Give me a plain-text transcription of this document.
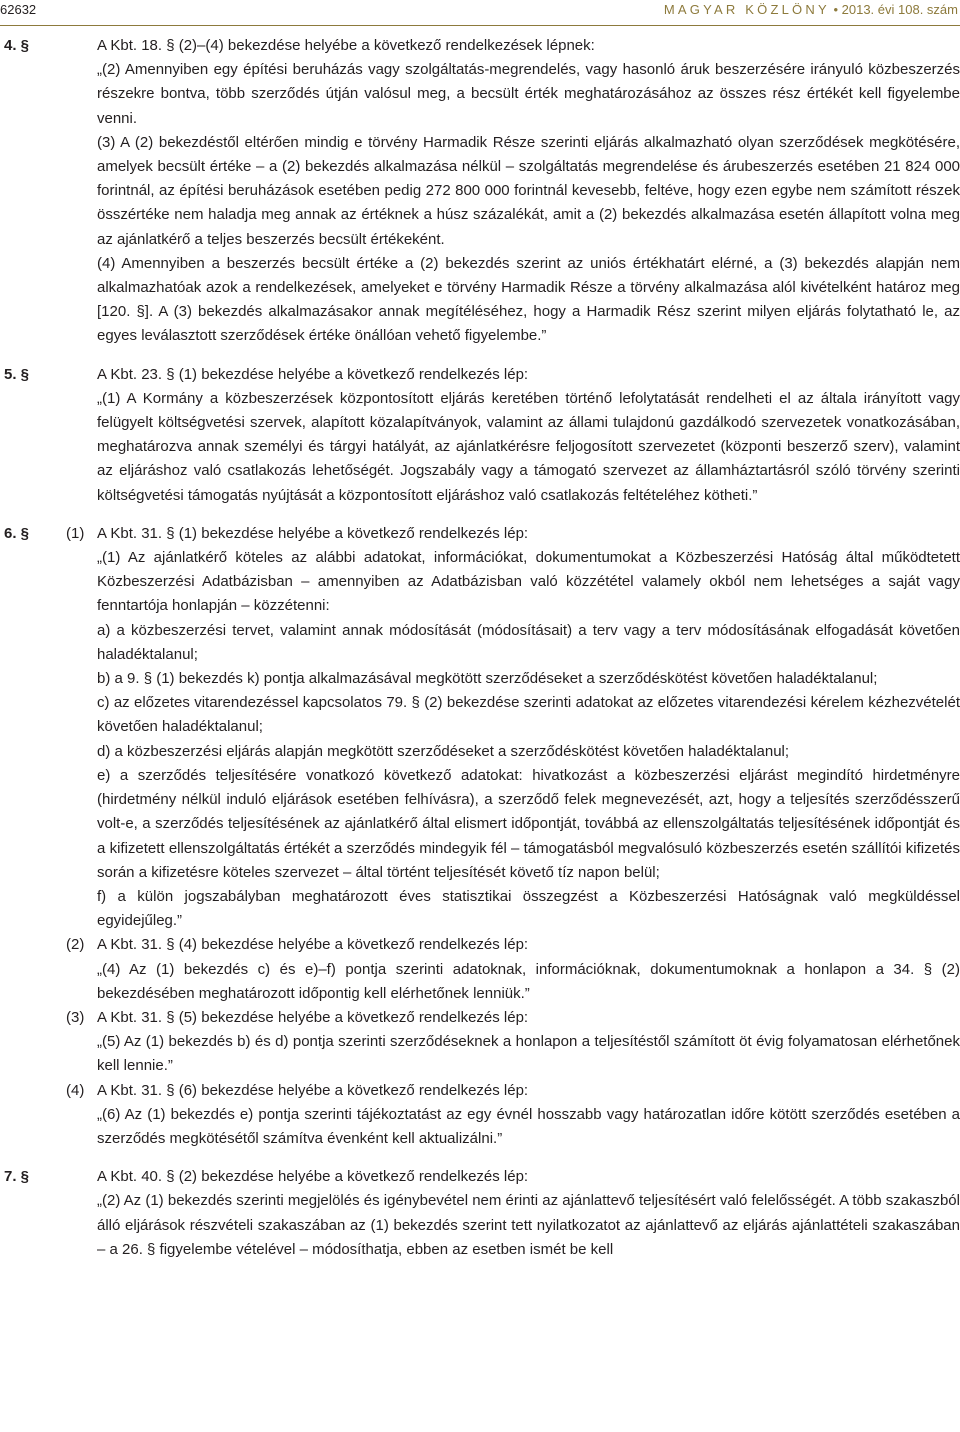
62632	MAGYAR KÖZLÖNY • 2013. évi 108. szám
4. §	A Kbt. 18. § (2)–(4) bekezdése helyébe a következő rendelkezések lépnek:

„(2) Amennyiben egy építési beruházás vagy szolgáltatás-megrendelés, vagy hasonló áruk beszerzésére irányuló közbeszerzés részekre bontva, több szerződés útján valósul meg, a becsült érték meghatározásához az összes rész értékét kell figyelembe venni.

(3) A (2) bekezdéstől eltérően mindig e törvény Harmadik Része szerinti eljárás alkalmazható olyan szerződések megkötésére, amelyek becsült értéke – a (2) bekezdés alkalmazása nélkül – szolgáltatás megrendelése és árubeszerzés esetében 21 824 000 forintnál, az építési beruházások esetében pedig 272 800 000 forintnál kevesebb, feltéve, hogy ezen egybe nem számított részek összértéke nem haladja meg annak az értéknek a húsz százalékát, amit a (2) bekezdés alkalmazása esetén állapított volna meg az ajánlatkérő a teljes beszerzés becsült értékeként.

(4) Amennyiben a beszerzés becsült értéke a (2) bekezdés szerint az uniós értékhatárt elérné, a (3) bekezdés alapján nem alkalmazhatóak azok a rendelkezések, amelyeket e törvény Harmadik Része a törvény alkalmazása alól kivételként határoz meg [120. §]. A (3) bekezdés alkalmazásakor annak megítéléséhez, hogy a Harmadik Rész szerint milyen eljárás folytatható le, az egyes leválasztott szerződések értéke önállóan vehető figyelembe.”

5. §	A Kbt. 23. § (1) bekezdése helyébe a következő rendelkezés lép:

„(1) A Kormány a közbeszerzések központosított eljárás keretében történő lefolytatását rendelheti el az általa irányított vagy felügyelt költségvetési szervek, alapított közalapítványok, valamint az állami tulajdonú gazdálkodó szervezetek vonatkozásában, meghatározva annak személyi és tárgyi hatályát, az ajánlatkérésre feljogosított szervezetet (központi beszerző szerv), valamint az eljáráshoz való csatlakozás lehetőségét. Jogszabály vagy a támogató szervezet az államháztartásról szóló törvény szerinti költségvetési támogatás nyújtását a központosított eljáráshoz való csatlakozás feltételéhez kötheti.”

6. § (1) A Kbt. 31. § (1) bekezdése helyébe a következő rendelkezés lép:

„(1) Az ajánlatkérő köteles az alábbi adatokat, információkat, dokumentumokat a Közbeszerzési Hatóság által működtetett Közbeszerzési Adatbázisban – amennyiben az Adatbázisban való közzététel valamely okból nem lehetséges a saját vagy fenntartója honlapján – közzétenni:

a) a közbeszerzési tervet, valamint annak módosítását (módosításait) a terv vagy a terv módosításának elfogadását követően haladéktalanul;

b) a 9. § (1) bekezdés k) pontja alkalmazásával megkötött szerződéseket a szerződéskötést követően haladéktalanul;

c) az előzetes vitarendezéssel kapcsolatos 79. § (2) bekezdése szerinti adatokat az előzetes vitarendezési kérelem kézhezvételét követően haladéktalanul;

d) a közbeszerzési eljárás alapján megkötött szerződéseket a szerződéskötést követően haladéktalanul;

e) a szerződés teljesítésére vonatkozó következő adatokat: hivatkozást a közbeszerzési eljárást megindító hirdetményre (hirdetmény nélkül induló eljárások esetében felhívásra), a szerződő felek megnevezését, azt, hogy a teljesítés szerződésszerű volt-e, a szerződés teljesítésének az ajánlatkérő által elismert időpontját, továbbá az ellenszolgáltatás teljesítésének időpontját és a kifizetett ellenszolgáltatás értékét a szerződés mindegyik fél – támogatásból megvalósuló közbeszerzés esetén szállítói kifizetés során a kifizetésre köteles szervezet – által történt teljesítését követő tíz napon belül;

f) a külön jogszabályban meghatározott éves statisztikai összegzést a Közbeszerzési Hatóságnak való megküldéssel egyidejűleg.”

(2) A Kbt. 31. § (4) bekezdése helyébe a következő rendelkezés lép:

„(4) Az (1) bekezdés c) és e)–f) pontja szerinti adatoknak, információknak, dokumentumoknak a honlapon a 34. § (2) bekezdésében meghatározott időpontig kell elérhetőnek lenniük.”

(3) A Kbt. 31. § (5) bekezdése helyébe a következő rendelkezés lép:

„(5) Az (1) bekezdés b) és d) pontja szerinti szerződéseknek a honlapon a teljesítéstől számított öt évig folyamatosan elérhetőnek kell lennie.”

(4) A Kbt. 31. § (6) bekezdése helyébe a következő rendelkezés lép:

„(6) Az (1) bekezdés e) pontja szerinti tájékoztatást az egy évnél hosszabb vagy határozatlan időre kötött szerződés esetében a szerződés megkötésétől számítva évenként kell aktualizálni.”

7. §	A Kbt. 40. § (2) bekezdése helyébe a következő rendelkezés lép:

„(2) Az (1) bekezdés szerinti megjelölés és igénybevétel nem érinti az ajánlattevő teljesítésért való felelősségét. A több szakaszból álló eljárások részvételi szakaszában az (1) bekezdés szerint tett nyilatkozatot az ajánlattevő az eljárás ajánlattételi szakaszában – a 26. § figyelembe vételével – módosíthatja, ebben az esetben ismét be kell
